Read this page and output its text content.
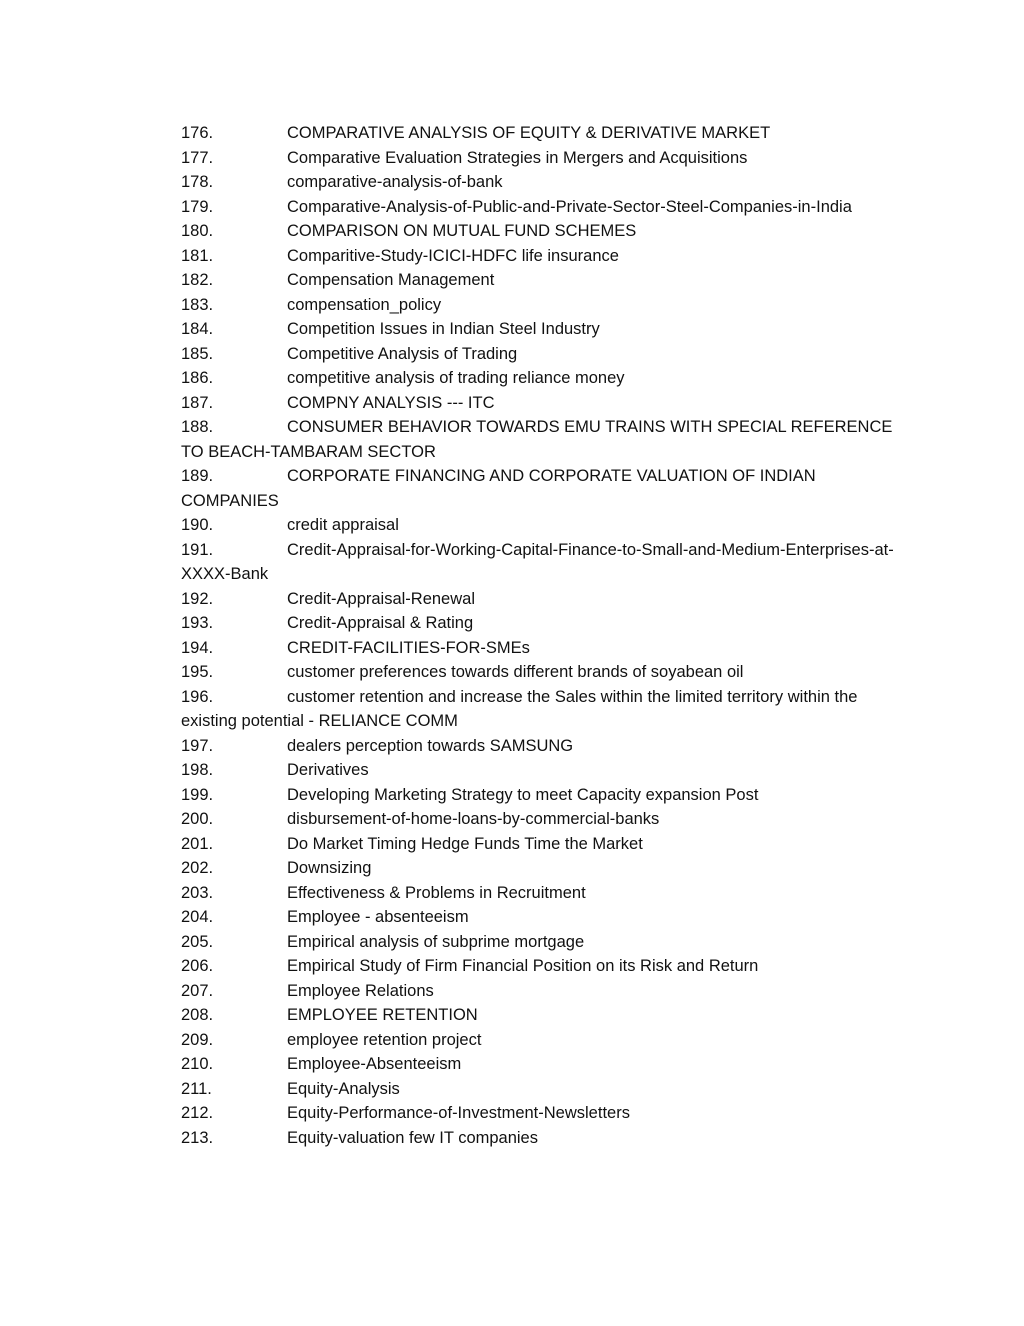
176.	COMPARATIVE ANALYSIS OF EQUITY & DERIVATIVE MARKET
177.	Comparative Evaluation Strategies in Mergers and Acquisitions
178.	comparative-analysis-of-bank
179.	Comparative-Analysis-of-Public-and-Private-Sector-Steel-Companies-in-India
180.	COMPARISON ON MUTUAL FUND SCHEMES
181.	Comparitive-Study-ICICI-HDFC life insurance
182.	Compensation Management
183.	compensation_policy
184.	Competition Issues in Indian Steel Industry
185.	Competitive Analysis of Trading
186.	competitive analysis of trading reliance money
187.	COMPNY ANALYSIS --- ITC
188.	CONSUMER BEHAVIOR TOWARDS EMU TRAINS WITH SPECIAL REFERENCE TO BEACH-TAMBARAM SECTOR
189.	CORPORATE FINANCING AND CORPORATE VALUATION OF INDIAN COMPANIES
190.	credit appraisal
191.	Credit-Appraisal-for-Working-Capital-Finance-to-Small-and-Medium-Enterprises-at-XXXX-Bank
192.	Credit-Appraisal-Renewal
193.	Credit-Appraisal & Rating
194.	CREDIT-FACILITIES-FOR-SMEs
195.	customer preferences towards different brands of soyabean oil
196.	customer retention and increase the Sales within the limited territory within the existing potential - RELIANCE COMM
197.	dealers perception towards SAMSUNG
198.	Derivatives
199.	Developing Marketing Strategy to meet Capacity expansion Post
200.	disbursement-of-home-loans-by-commercial-banks
201.	Do Market Timing Hedge Funds Time the Market
202.	Downsizing
203.	Effectiveness & Problems in Recruitment
204.	Employee - absenteeism
205.	Empirical analysis of subprime mortgage
206.	Empirical Study of Firm Financial Position on its Risk and Return
207.	Employee Relations
208.	EMPLOYEE RETENTION
209.	employee retention project
210.	Employee-Absenteeism
211.	Equity-Analysis
212.	Equity-Performance-of-Investment-Newsletters
213.	Equity-valuation few IT companies
